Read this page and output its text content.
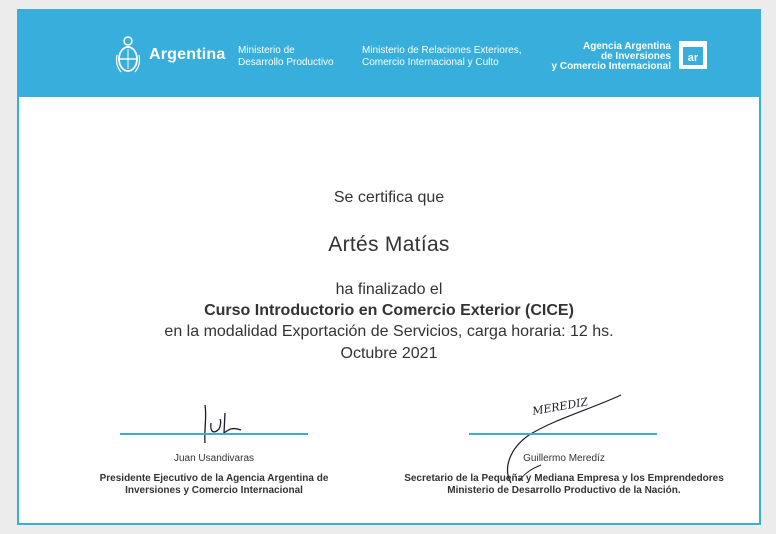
Argentina Ministerio de
Desarrollo Productivo
Ministerio de Relaciones Exteriores,
Comercio Internacional y Culto
Agencia Argentina
de Inversiones
y Comercio Internacional
ar
Se certifica que
Artés Matías
ha finalizado el
Curso Introductorio en Comercio Exterior (CICE)
en la modalidad Exportación de Servicios, carga horaria: 12 hs.
Octubre 2021
Juan Usandivaras
Presidente Ejecutivo de la Agencia Argentina de
Inversiones y Comercio Internacional
MEREDIZ
Guillermo Meredíz
Secretario de la Pequeña y Mediana Empresa y los Emprendedores
Ministerio de Desarrollo Productivo de la Nación.
